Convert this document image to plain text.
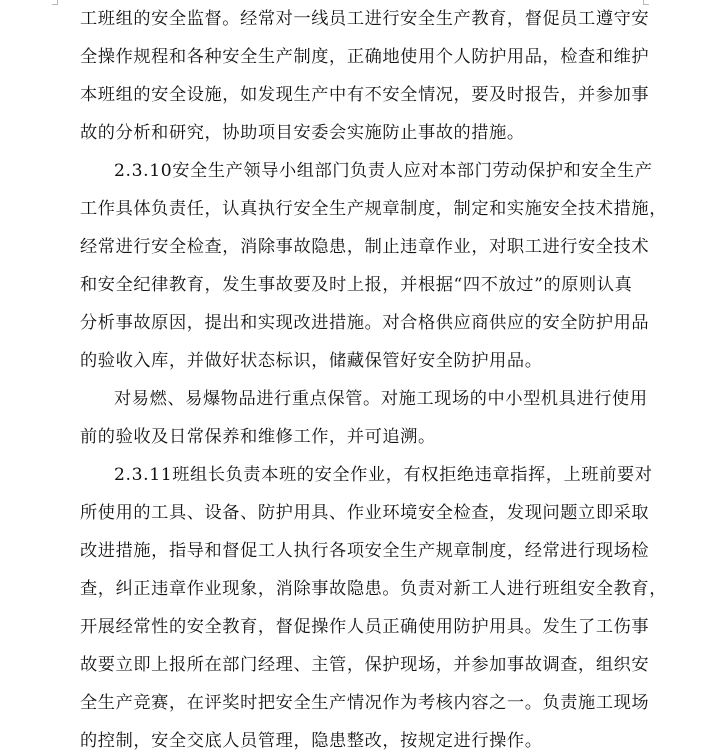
工班组的安全监督。经常对一线员工进行安全生产教育，督促员工遵守安
全操作规程和各种安全生产制度，正确地使用个人防护用品，检查和维护
本班组的安全设施，如发现生产中有不安全情况，要及时报告，并参加事
故的分析和研究，协助项目安委会实施防止事故的措施。
2.3.10安全生产领导小组部门负责人应对本部门劳动保护和安全生产
工作具体负责任，认真执行安全生产规章制度，制定和实施安全技术措施，
经常进行安全检查，消除事故隐患，制止违章作业，对职工进行安全技术
和安全纪律教育，发生事故要及时上报，并根据“四不放过”的原则认真
分析事故原因，提出和实现改进措施。对合格供应商供应的安全防护用品
的验收入库，并做好状态标识，储藏保管好安全防护用品。
对易燃、易爆物品进行重点保管。对施工现场的中小型机具进行使用
前的验收及日常保养和维修工作，并可追溯。
2.3.11班组长负责本班的安全作业，有权拒绝违章指挥，上班前要对
所使用的工具、设备、防护用具、作业环境安全检查，发现问题立即采取
改进措施，指导和督促工人执行各项安全生产规章制度，经常进行现场检
查，纠正违章作业现象，消除事故隐患。负责对新工人进行班组安全教育，
开展经常性的安全教育，督促操作人员正确使用防护用具。发生了工伤事
故要立即上报所在部门经理、主管，保护现场，并参加事故调查，组织安
全生产竞赛，在评奖时把安全生产情况作为考核内容之一。负责施工现场
的控制，安全交底人员管理，隐患整改，按规定进行操作。
